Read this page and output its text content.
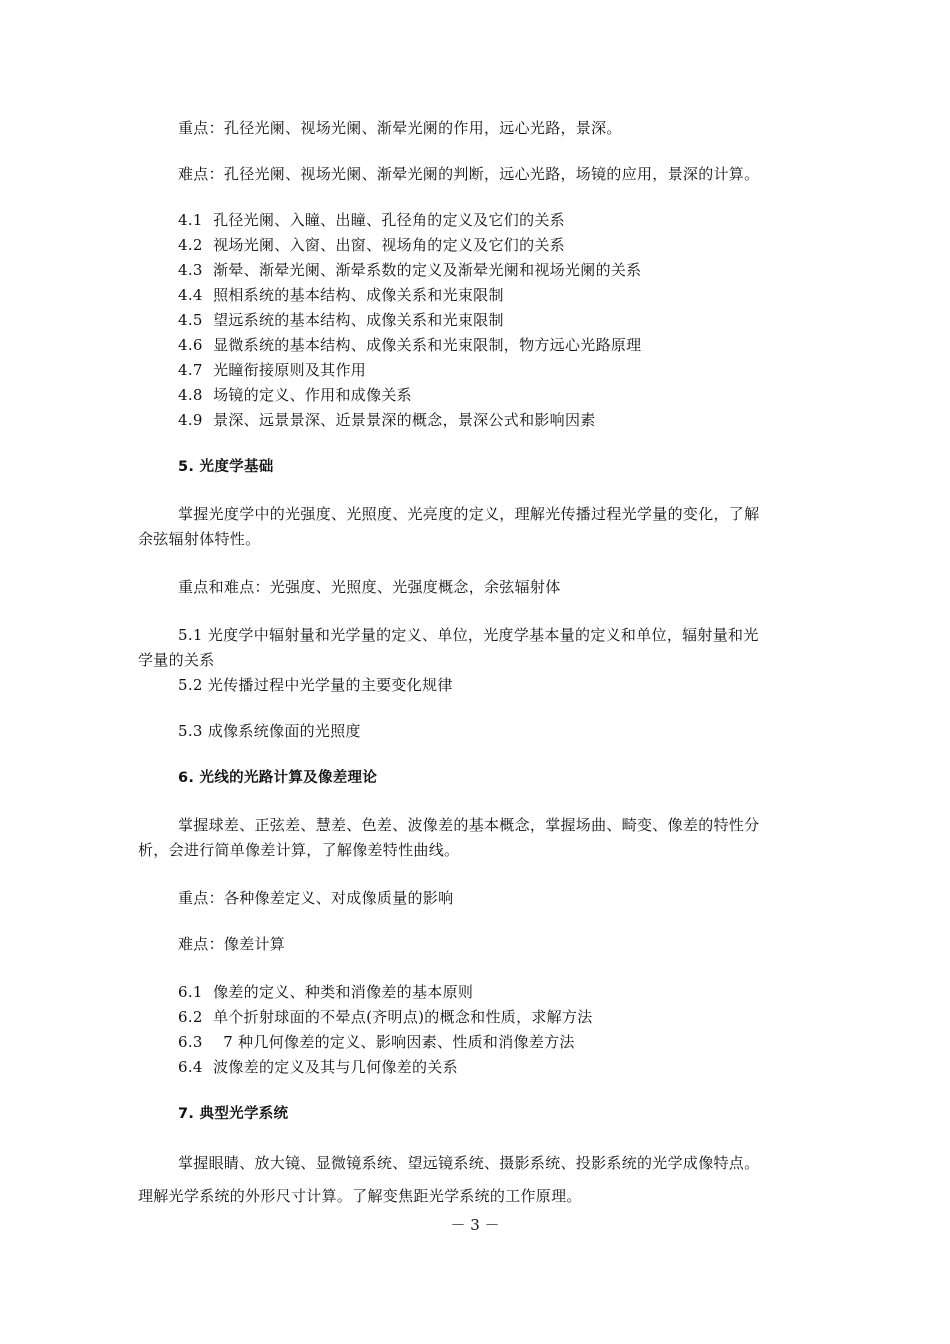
重点：孔径光阑、视场光阑、渐晕光阑的作用，远心光路，景深。
难点：孔径光阑、视场光阑、渐晕光阑的判断，远心光路，场镜的应用，景深的计算。
4.1 孔径光阑、入瞳、出瞳、孔径角的定义及它们的关系
4.2 视场光阑、入窗、出窗、视场角的定义及它们的关系
4.3 渐晕、渐晕光阑、渐晕系数的定义及渐晕光阑和视场光阑的关系
4.4 照相系统的基本结构、成像关系和光束限制
4.5 望远系统的基本结构、成像关系和光束限制
4.6 显微系统的基本结构、成像关系和光束限制，物方远心光路原理
4.7 光瞳衔接原则及其作用
4.8 场镜的定义、作用和成像关系
4.9 景深、远景景深、近景景深的概念，景深公式和影响因素
5. 光度学基础
掌握光度学中的光强度、光照度、光亮度的定义，理解光传播过程光学量的变化，了解
余弦辐射体特性。
重点和难点：光强度、光照度、光强度概念，余弦辐射体
5.1 光度学中辐射量和光学量的定义、单位，光度学基本量的定义和单位，辐射量和光
学量的关系
5.2 光传播过程中光学量的主要变化规律
5.3 成像系统像面的光照度
6. 光线的光路计算及像差理论
掌握球差、正弦差、慧差、色差、波像差的基本概念，掌握场曲、畸变、像差的特性分
析，会进行简单像差计算，了解像差特性曲线。
重点：各种像差定义、对成像质量的影响
难点：像差计算
6.1 像差的定义、种类和消像差的基本原则
6.2 单个折射球面的不晕点(齐明点)的概念和性质，求解方法
6.3   7 种几何像差的定义、影响因素、性质和消像差方法
6.4 波像差的定义及其与几何像差的关系
7. 典型光学系统
掌握眼睛、放大镜、显微镜系统、望远镜系统、摄影系统、投影系统的光学成像特点。
理解光学系统的外形尺寸计算。了解变焦距光学系统的工作原理。
－ 3 －
